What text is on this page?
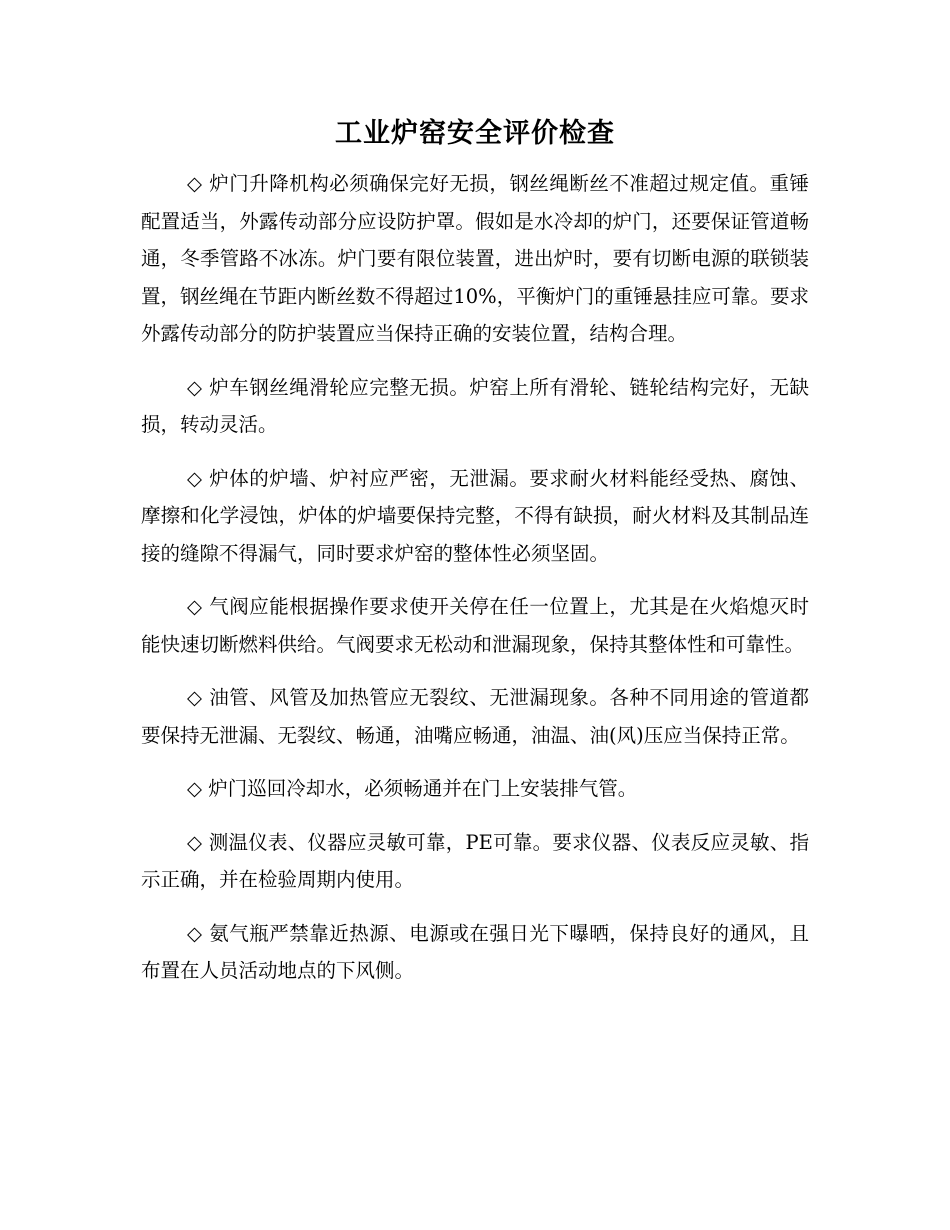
工业炉窑安全评价检查

◇ 炉门升降机构必须确保完好无损，钢丝绳断丝不准超过规定值。重锤配置适当，外露传动部分应设防护罩。假如是水冷却的炉门，还要保证管道畅通，冬季管路不冰冻。炉门要有限位装置，进出炉时，要有切断电源的联锁装置，钢丝绳在节距内断丝数不得超过10%，平衡炉门的重锤悬挂应可靠。要求外露传动部分的防护装置应当保持正确的安装位置，结构合理。

◇ 炉车钢丝绳滑轮应完整无损。炉窑上所有滑轮、链轮结构完好，无缺损，转动灵活。

◇ 炉体的炉墙、炉衬应严密，无泄漏。要求耐火材料能经受热、腐蚀、摩擦和化学浸蚀，炉体的炉墙要保持完整，不得有缺损，耐火材料及其制品连接的缝隙不得漏气，同时要求炉窑的整体性必须坚固。

◇ 气阀应能根据操作要求使开关停在任一位置上，尤其是在火焰熄灭时能快速切断燃料供给。气阀要求无松动和泄漏现象，保持其整体性和可靠性。

◇ 油管、风管及加热管应无裂纹、无泄漏现象。各种不同用途的管道都要保持无泄漏、无裂纹、畅通，油嘴应畅通，油温、油(风)压应当保持正常。

◇ 炉门巡回冷却水，必须畅通并在门上安装排气管。

◇ 测温仪表、仪器应灵敏可靠，PE可靠。要求仪器、仪表反应灵敏、指示正确，并在检验周期内使用。

◇ 氨气瓶严禁靠近热源、电源或在强日光下曝晒，保持良好的通风，且布置在人员活动地点的下风侧。
